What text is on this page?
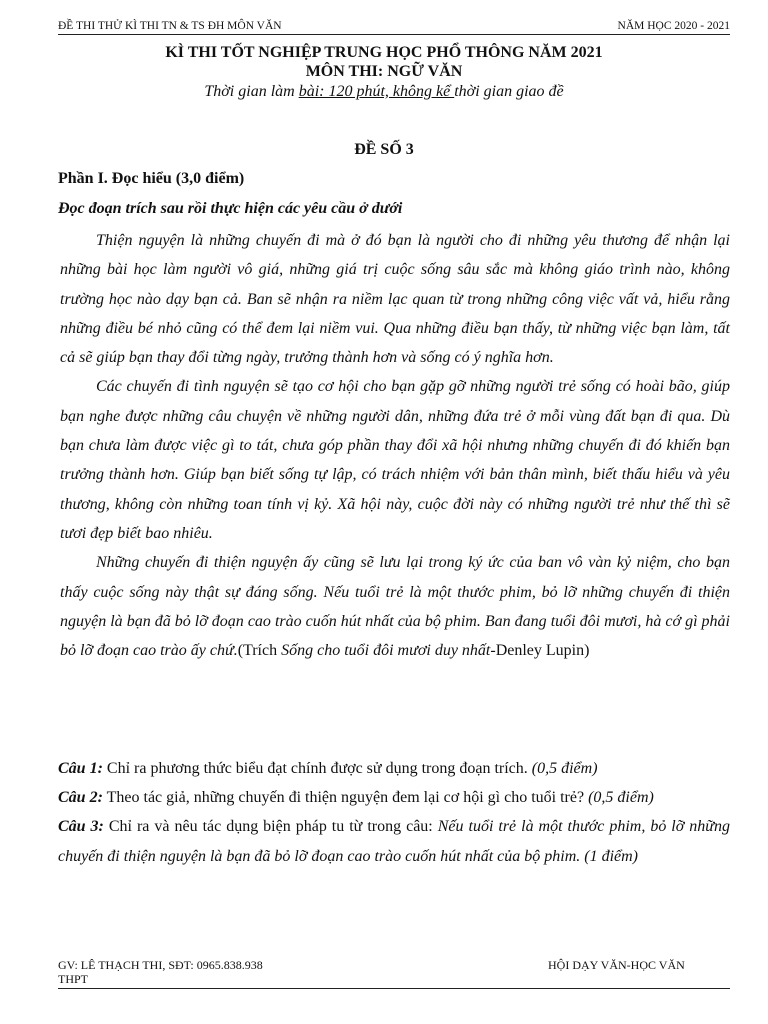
ĐỀ THI THỬ KÌ THI TN & TS ĐH MÔN VĂN	NĂM HỌC 2020 - 2021
KÌ THI TỐT NGHIỆP TRUNG HỌC PHỔ THÔNG NĂM 2021
MÔN THI: NGỮ VĂN
Thời gian làm bài: 120 phút, không kể thời gian giao đề
ĐỀ SỐ 3
Phần I. Đọc hiểu (3,0 điểm)
Đọc đoạn trích sau rồi thực hiện các yêu cầu ở dưới

Thiện nguyện là những chuyến đi mà ở đó bạn là người cho đi những yêu thương để nhận lại những bài học làm người vô giá, những giá trị cuộc sống sâu sắc mà không giáo trình nào, không trường học nào dạy bạn cả. Ban sẽ nhận ra niềm lạc quan từ trong những công việc vất vả, hiểu rằng những điều bé nhỏ cũng có thể đem lại niềm vui. Qua những điều bạn thấy, từ những việc bạn làm, tất cả sẽ giúp bạn thay đổi từng ngày, trưởng thành hơn và sống có ý nghĩa hơn.

Các chuyến đi tình nguyện sẽ tạo cơ hội cho bạn gặp gỡ những người trẻ sống có hoài bão, giúp bạn nghe được những câu chuyện về những người dân, những đứa trẻ ở mỗi vùng đất bạn đi qua. Dù bạn chưa làm được việc gì to tát, chưa góp phần thay đổi xã hội nhưng những chuyến đi đó khiến bạn trưởng thành hơn. Giúp bạn biết sống tự lập, có trách nhiệm với bản thân mình, biết thấu hiểu và yêu thương, không còn những toan tính vị kỷ. Xã hội này, cuộc đời này có những người trẻ như thế thì sẽ tươi đẹp biết bao nhiêu.

Những chuyến đi thiện nguyện ấy cũng sẽ lưu lại trong ký ức của ban vô vàn kỷ niệm, cho bạn thấy cuộc sống này thật sự đáng sống. Nếu tuổi trẻ là một thước phim, bỏ lỡ những chuyến đi thiện nguyện là bạn đã bỏ lỡ đoạn cao trào cuốn hút nhất của bộ phim. Ban đang tuổi đôi mươi, hà cớ gì phải bỏ lỡ đoạn cao trào ấy chứ.(Trích Sống cho tuổi đôi mươi duy nhất-Denley Lupin)

Câu 1: Chỉ ra phương thức biểu đạt chính được sử dụng trong đoạn trích. (0,5 điểm)
Câu 2: Theo tác giả, những chuyến đi thiện nguyện đem lại cơ hội gì cho tuổi trẻ? (0,5 điểm)
Câu 3: Chỉ ra và nêu tác dụng biện pháp tu từ trong câu: Nếu tuổi trẻ là một thước phim, bỏ lỡ những chuyến đi thiện nguyện là bạn đã bỏ lỡ đoạn cao trào cuốn hút nhất của bộ phim. (1 điểm)
GV: LÊ THẠCH THI, SĐT: 0965.838.938
THPT
HỘI DẠY VĂN-HỌC VĂN
